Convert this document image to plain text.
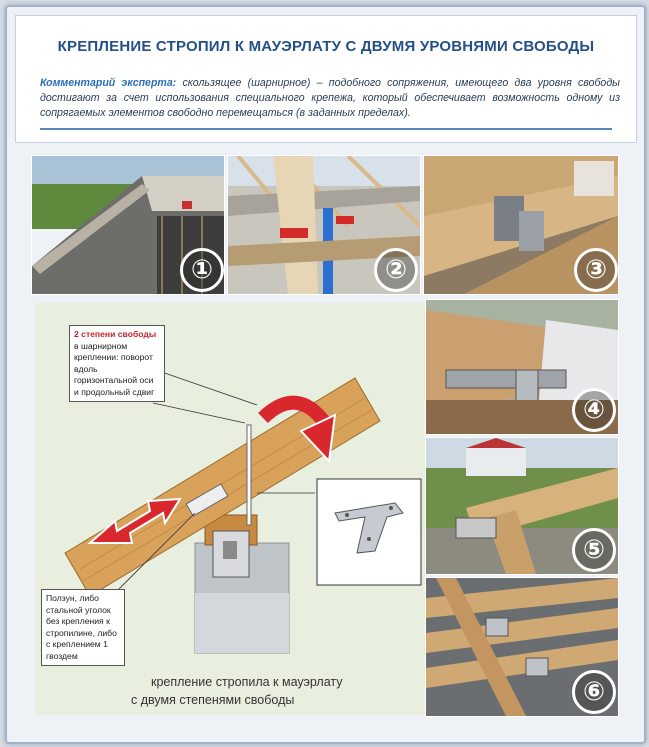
КРЕПЛЕНИЕ СТРОПИЛ К МАУЭРЛАТУ С ДВУМЯ УРОВНЯМИ СВОБОДЫ
Комментарий эксперта: скользящее (шарнирное) – подобного сопряжения, имеющего два уровня свободы достигают за счет использования специального крепежа, который обеспечивает возможность одному из сопрягаемых элементов свободно перемещаться (в заданных пределах).
①	②	③
2 степени свободы
в шарнирном креплении: поворот вдоль горизонтальной оси и продольный сдвиг
Ползун, либо стальной уголок без крепления к стропилине, либо с креплением 1 гвоздем
крепление стропила к мауэрлату
с двумя степенями свободы
④
⑤
⑥
